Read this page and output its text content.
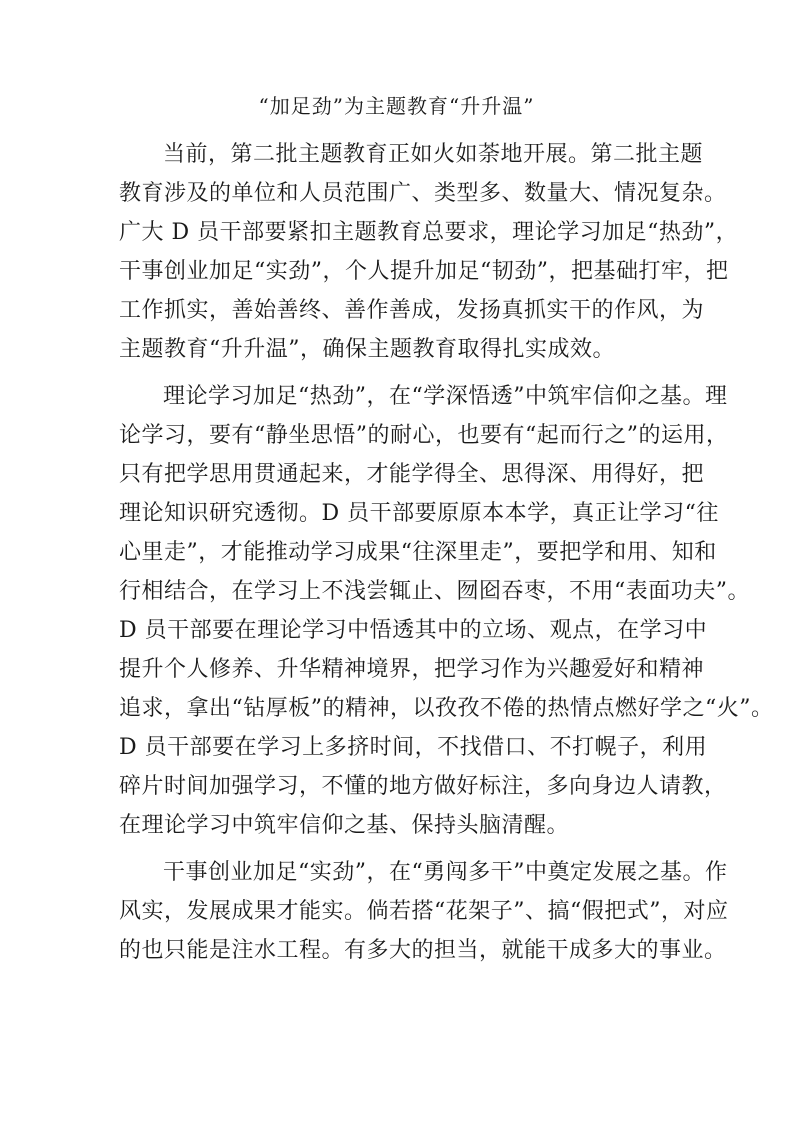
“加足劲”为主题教育“升升温”
当前，第二批主题教育正如火如荼地开展。第二批主题
教育涉及的单位和人员范围广、类型多、数量大、情况复杂。
广大 D 员干部要紧扣主题教育总要求，理论学习加足“热劲”，
干事创业加足“实劲”，个人提升加足“韧劲”，把基础打牢，把
工作抓实，善始善终、善作善成，发扬真抓实干的作风，为
主题教育“升升温”，确保主题教育取得扎实成效。
理论学习加足“热劲”，在“学深悟透”中筑牢信仰之基。理
论学习，要有“静坐思悟”的耐心，也要有“起而行之”的运用，
只有把学思用贯通起来，才能学得全、思得深、用得好，把
理论知识研究透彻。D 员干部要原原本本学，真正让学习“往
心里走”，才能推动学习成果“往深里走”，要把学和用、知和
行相结合，在学习上不浅尝辄止、囫囵吞枣，不用“表面功夫”。
D 员干部要在理论学习中悟透其中的立场、观点，在学习中
提升个人修养、升华精神境界，把学习作为兴趣爱好和精神
追求，拿出“钻厚板”的精神，以孜孜不倦的热情点燃好学之“火”。
D 员干部要在学习上多挤时间，不找借口、不打幌子，利用
碎片时间加强学习，不懂的地方做好标注，多向身边人请教，
在理论学习中筑牢信仰之基、保持头脑清醒。
干事创业加足“实劲”，在“勇闯多干”中奠定发展之基。作
风实，发展成果才能实。倘若搭“花架子”、搞“假把式”，对应
的也只能是注水工程。有多大的担当，就能干成多大的事业。
